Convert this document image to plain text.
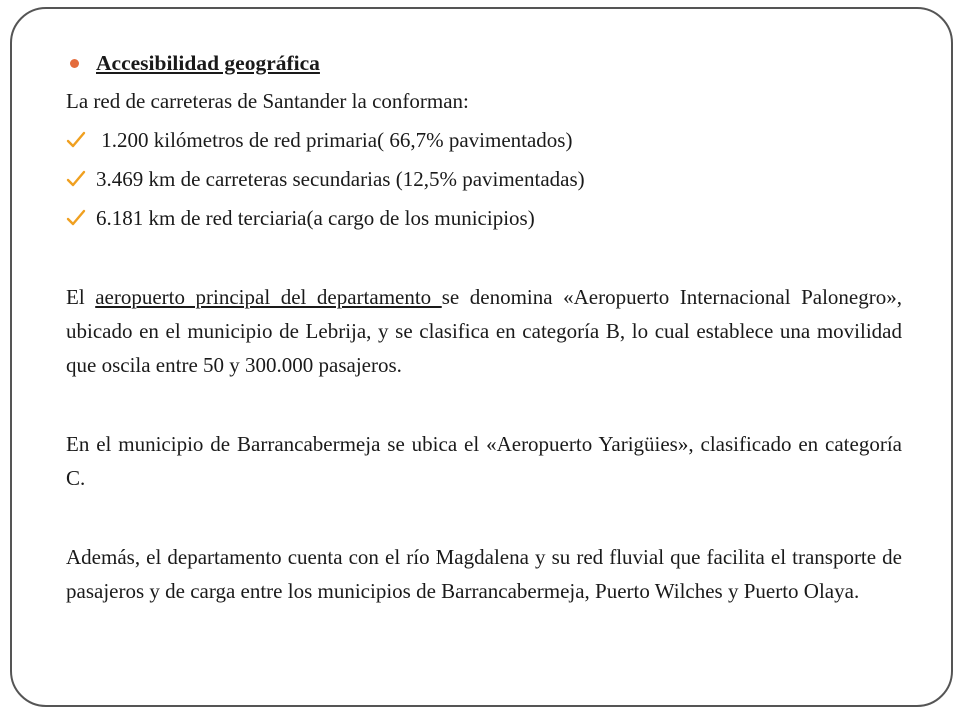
Accesibilidad geográfica
La red de carreteras de Santander la conforman:
1.200 kilómetros de red primaria( 66,7% pavimentados)
3.469 km de carreteras secundarias (12,5% pavimentadas)
6.181 km de red terciaria(a cargo de los municipios)

El aeropuerto principal del departamento se denomina «Aeropuerto Internacional Palonegro», ubicado en el municipio de Lebrija, y se clasifica en categoría B, lo cual establece una movilidad que oscila entre 50 y 300.000 pasajeros.

En el municipio de Barrancabermeja se ubica el «Aeropuerto Yarigüies», clasificado en categoría C.

Además, el departamento cuenta con el río Magdalena y su red fluvial que facilita el transporte de pasajeros y de carga entre los municipios de Barrancabermeja, Puerto Wilches y Puerto Olaya.
